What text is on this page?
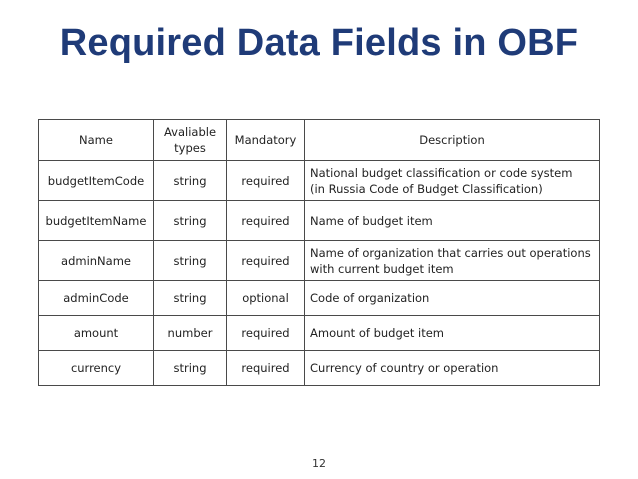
Required Data Fields in OBF
Name	Avaliable types	Mandatory	Description
budgetItemCode	string	required	National budget classification or code system (in Russia Code of Budget Classification)
budgetItemName	string	required	Name of budget item
adminName	string	required	Name of organization that carries out operations with current budget item
adminCode	string	optional	Code of organization
amount	number	required	Amount of budget item
currency	string	required	Currency of country or operation
12
